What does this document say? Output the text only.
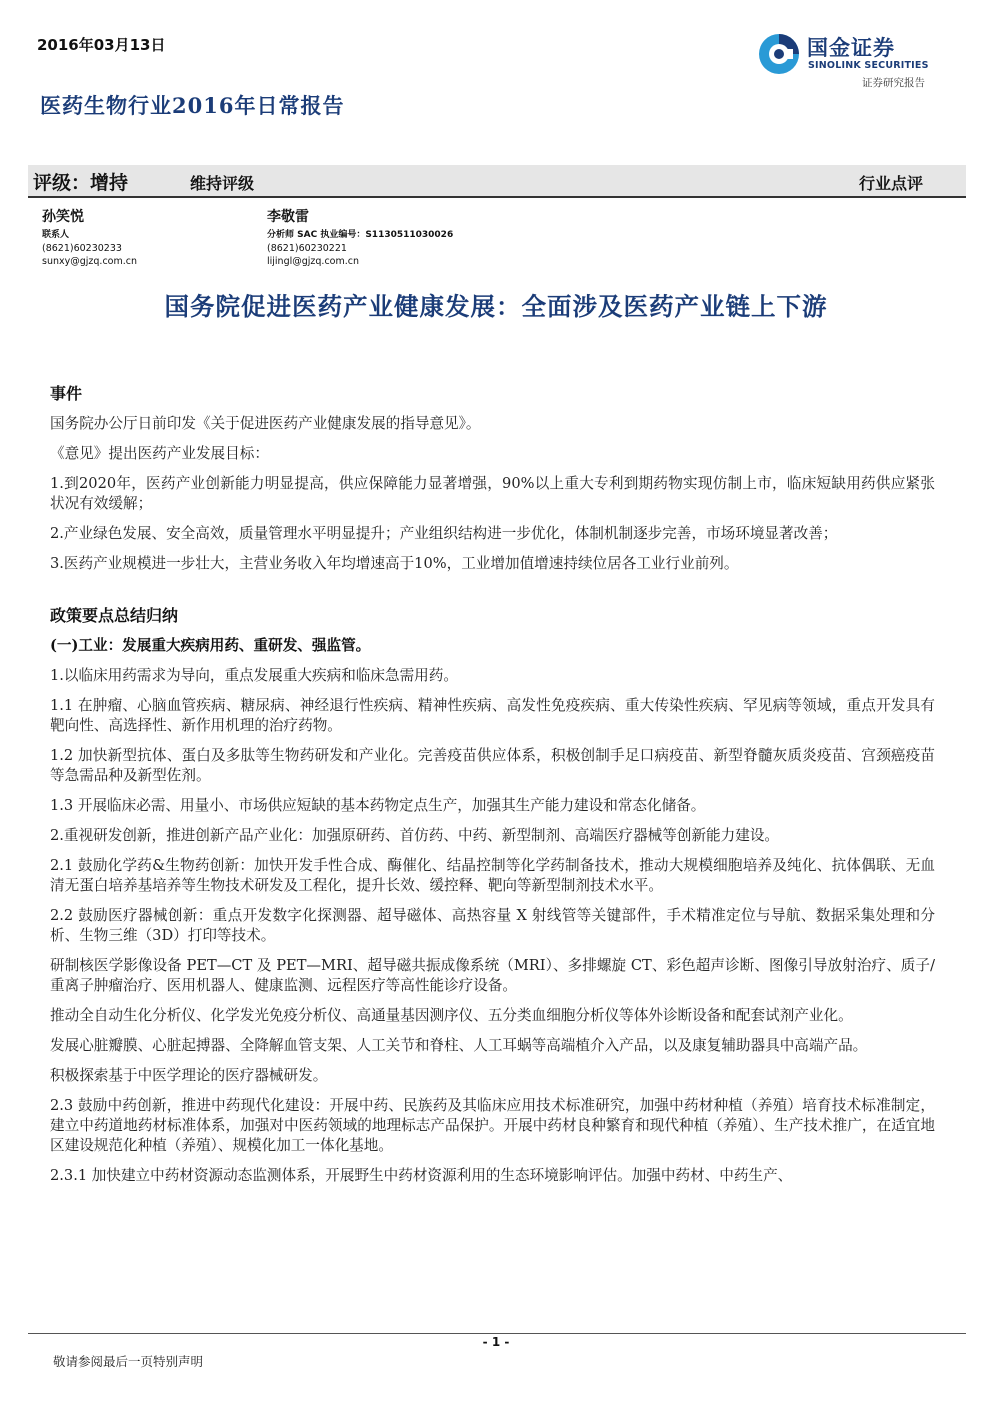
2016年03月13日	国金证券
SINOLINK SECURITIES
证券研究报告
医药生物行业2016年日常报告
评级：增持	维持评级	行业点评
孙笑悦
联系人
(8621)60230233
sunxy@gjzq.com.cn
李敬雷
分析师 SAC 执业编号：S1130511030026
(8621)60230221
lijingl@gjzq.com.cn
国务院促进医药产业健康发展：全面涉及医药产业链上下游
事件

国务院办公厅日前印发《关于促进医药产业健康发展的指导意见》。

《意见》提出医药产业发展目标：

1.到2020年，医药产业创新能力明显提高，供应保障能力显著增强，90%以上重大专利到期药物实现仿制上市，临床短缺用药供应紧张状况有效缓解；

2.产业绿色发展、安全高效，质量管理水平明显提升；产业组织结构进一步优化，体制机制逐步完善，市场环境显著改善；

3.医药产业规模进一步壮大，主营业务收入年均增速高于10%，工业增加值增速持续位居各工业行业前列。

政策要点总结归纳

(一)工业：发展重大疾病用药、重研发、强监管。

1.以临床用药需求为导向，重点发展重大疾病和临床急需用药。

1.1 在肿瘤、心脑血管疾病、糖尿病、神经退行性疾病、精神性疾病、高发性免疫疾病、重大传染性疾病、罕见病等领域，重点开发具有靶向性、高选择性、新作用机理的治疗药物。

1.2 加快新型抗体、蛋白及多肽等生物药研发和产业化。完善疫苗供应体系，积极创制手足口病疫苗、新型脊髓灰质炎疫苗、宫颈癌疫苗等急需品种及新型佐剂。

1.3 开展临床必需、用量小、市场供应短缺的基本药物定点生产，加强其生产能力建设和常态化储备。

2.重视研发创新，推进创新产品产业化：加强原研药、首仿药、中药、新型制剂、高端医疗器械等创新能力建设。

2.1 鼓励化学药&生物药创新：加快开发手性合成、酶催化、结晶控制等化学药制备技术，推动大规模细胞培养及纯化、抗体偶联、无血清无蛋白培养基培养等生物技术研发及工程化，提升长效、缓控释、靶向等新型制剂技术水平。

2.2 鼓励医疗器械创新：重点开发数字化探测器、超导磁体、高热容量 X 射线管等关键部件，手术精准定位与导航、数据采集处理和分析、生物三维（3D）打印等技术。

研制核医学影像设备 PET—CT 及 PET—MRI、超导磁共振成像系统（MRI）、多排螺旋 CT、彩色超声诊断、图像引导放射治疗、质子/重离子肿瘤治疗、医用机器人、健康监测、远程医疗等高性能诊疗设备。

推动全自动生化分析仪、化学发光免疫分析仪、高通量基因测序仪、五分类血细胞分析仪等体外诊断设备和配套试剂产业化。

发展心脏瓣膜、心脏起搏器、全降解血管支架、人工关节和脊柱、人工耳蜗等高端植介入产品，以及康复辅助器具中高端产品。

积极探索基于中医学理论的医疗器械研发。

2.3 鼓励中药创新，推进中药现代化建设：开展中药、民族药及其临床应用技术标准研究，加强中药材种植（养殖）培育技术标准制定，建立中药道地药材标准体系，加强对中医药领域的地理标志产品保护。开展中药材良种繁育和现代种植（养殖）、生产技术推广，在适宜地区建设规范化种植（养殖）、规模化加工一体化基地。

2.3.1 加快建立中药材资源动态监测体系，开展野生中药材资源利用的生态环境影响评估。加强中药材、中药生产、

- 1 -
敬请参阅最后一页特别声明
